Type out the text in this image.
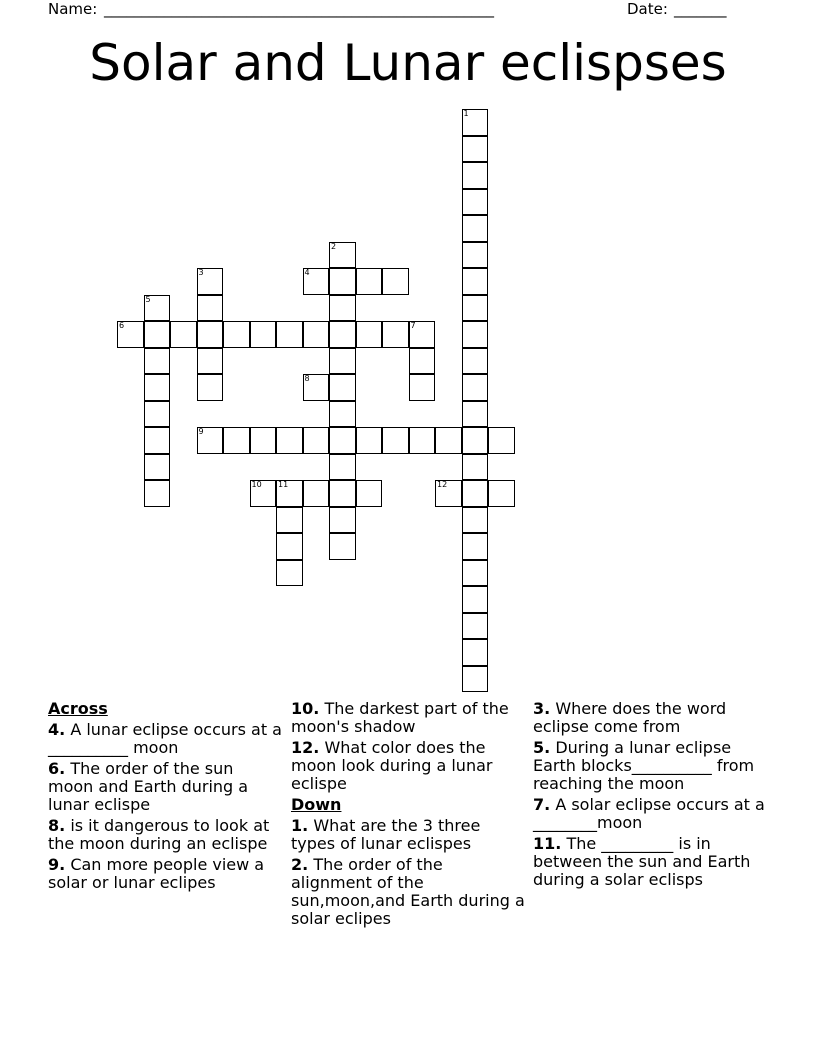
Name: ____________________________________________________	Date: _______
Solar and Lunar eclispses
1
2
3	4
5
6	7
8
9
10 11	12
Across
4. A lunar eclipse occurs at a __________ moon
6. The order of the sun moon and Earth during a lunar eclispe
8. is it dangerous to look at the moon during an eclispe
9. Can more people view a solar or lunar eclipes
10. The darkest part of the moon's shadow
12. What color does the moon look during a lunar eclispe
Down
1. What are the 3 three types of lunar eclispes
2. The order of the alignment of the sun,moon,and Earth during a solar eclipes
3. Where does the word eclipse come from
5. During a lunar eclipse Earth blocks__________ from reaching the moon
7. A solar eclipse occurs at a ________moon
11. The _________ is in between the sun and Earth during a solar eclisps
